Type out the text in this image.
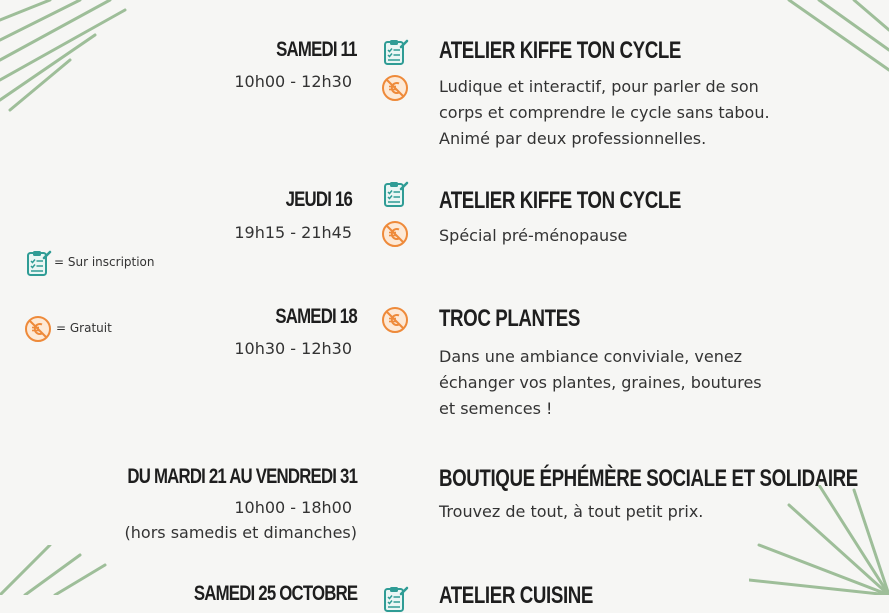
= Sur inscription
= Gratuit
SAMEDI 11
10h00 - 12h30
ATELIER KIFFE TON CYCLE
Ludique et interactif, pour parler de son
corps et comprendre le cycle sans tabou.
Animé par deux professionnelles.
JEUDI 16
19h15 - 21h45
ATELIER KIFFE TON CYCLE
Spécial pré-ménopause
SAMEDI 18
10h30 - 12h30
TROC PLANTES
Dans une ambiance conviviale, venez
échanger vos plantes, graines, boutures
et semences !
DU MARDI 21 AU VENDREDI 31
10h00 - 18h00
(hors samedis et dimanches)
BOUTIQUE ÉPHÉMÈRE SOCIALE ET SOLIDAIRE
Trouvez de tout, à tout petit prix.
SAMEDI 25 OCTOBRE	ATELIER CUISINE
